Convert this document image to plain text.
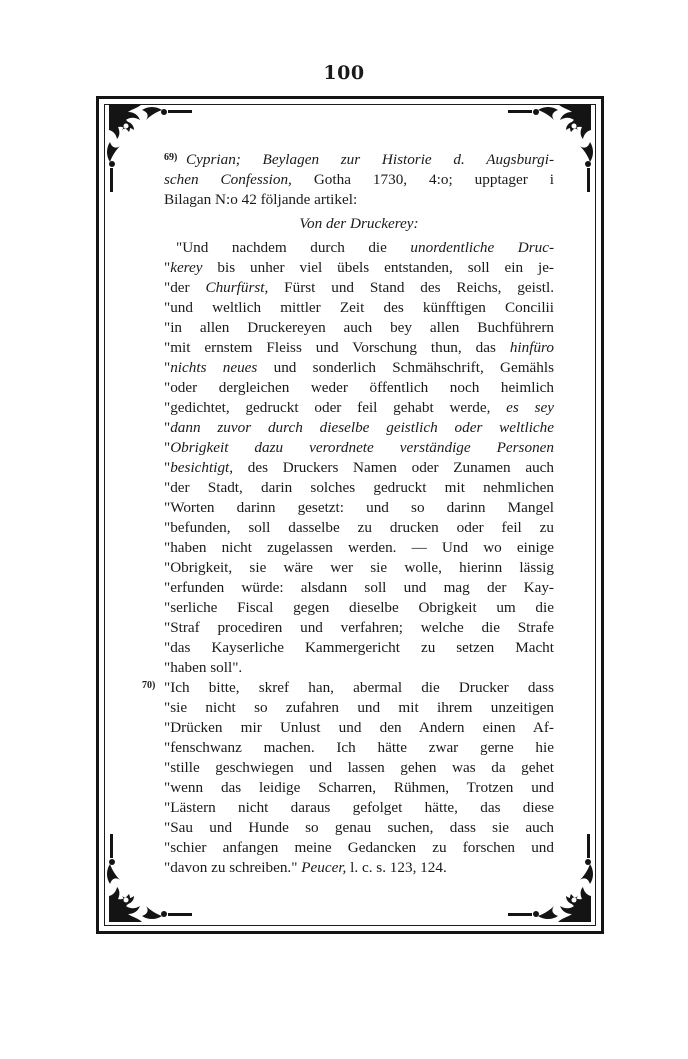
100
69) Cyprian; Beylagen zur Historie d. Augsburgi-
schen Confession, Gotha 1730, 4:o; upptager i
Bilagan N:o 42 följande artikel:
Von der Druckerey:
"Und nachdem durch die unordentliche Druc-
"kerey bis unher viel übels entstanden, soll ein je-
"der Churfürst, Fürst und Stand des Reichs, geistl.
"und weltlich mittler Zeit des künfftigen Concilii
"in allen Druckereyen auch bey allen Buchführern
"mit ernstem Fleiss und Vorschung thun, das hinfüro
"nichts neues und sonderlich Schmähschrift, Gemähls
"oder dergleichen weder öffentlich noch heimlich
"gedichtet, gedruckt oder feil gehabt werde, es sey
"dann zuvor durch dieselbe geistlich oder weltliche
"Obrigkeit dazu verordnete verständige Personen
"besichtigt, des Druckers Namen oder Zunamen auch
"der Stadt, darin solches gedruckt mit nehmlichen
"Worten darinn gesetzt: und so darinn Mangel
"befunden, soll dasselbe zu drucken oder feil zu
"haben nicht zugelassen werden. — Und wo einige
"Obrigkeit, sie wäre wer sie wolle, hierinn lässig
"erfunden würde: alsdann soll und mag der Kay-
"serliche Fiscal gegen dieselbe Obrigkeit um die
"Straf procediren und verfahren; welche die Strafe
"das Kayserliche Kammergericht zu setzen Macht
"haben soll".
70) "Ich bitte, skref han, abermal die Drucker dass
"sie nicht so zufahren und mit ihrem unzeitigen
"Drücken mir Unlust und den Andern einen Af-
"fenschwanz machen. Ich hätte zwar gerne hie
"stille geschwiegen und lassen gehen was da gehet
"wenn das leidige Scharren, Rühmen, Trotzen und
"Lästern nicht daraus gefolget hätte, das diese
"Sau und Hunde so genau suchen, dass sie auch
"schier anfangen meine Gedancken zu forschen und
"davon zu schreiben." Peucer, l. c. s. 123, 124.
